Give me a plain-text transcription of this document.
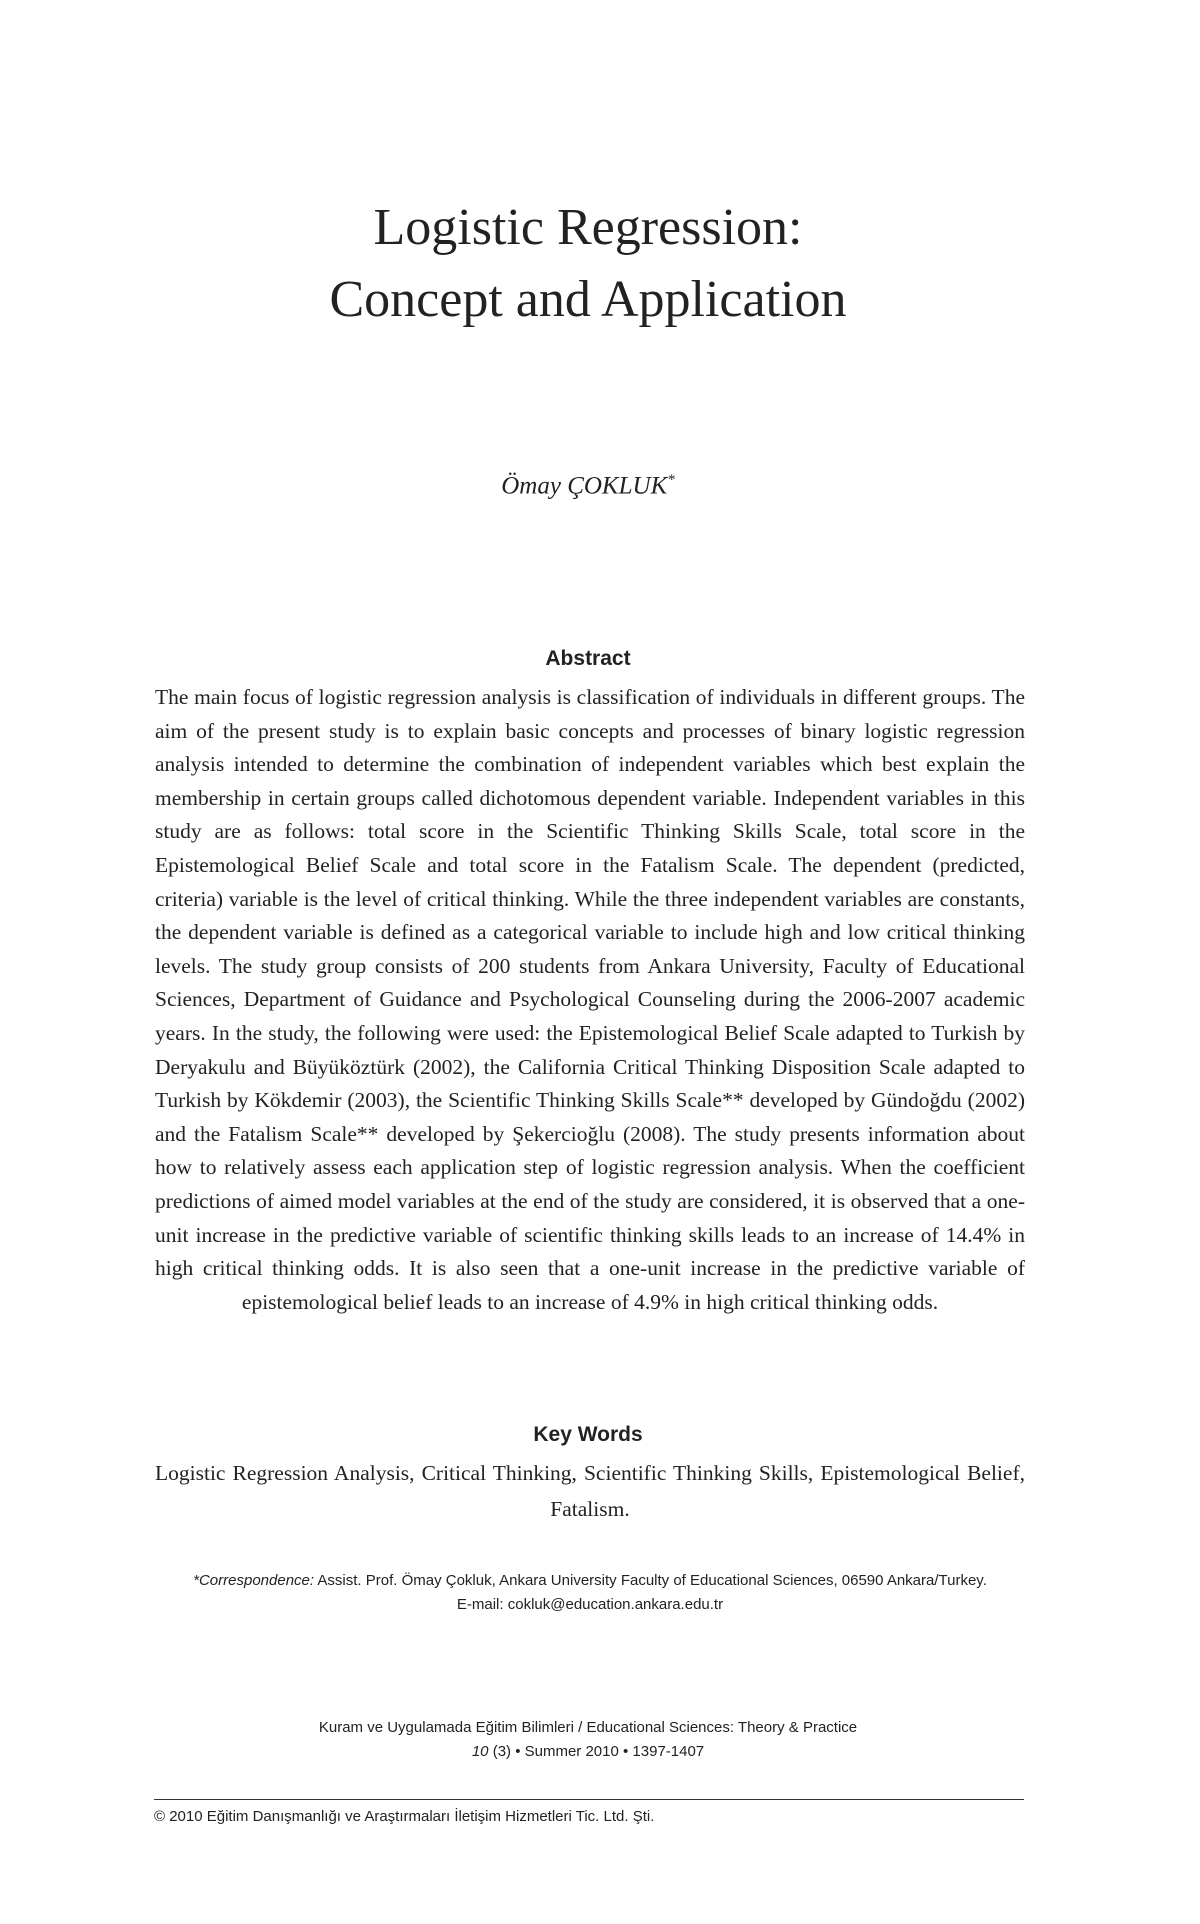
Logistic Regression:
Concept and Application
Ömay ÇOKLUK*
Abstract

The main focus of logistic regression analysis is classification of individuals in different groups. The aim of the present study is to explain basic concepts and processes of binary logistic regression analysis intended to determine the combination of independent variables which best explain the membership in certain groups called dichotomous dependent variable. Independent variables in this study are as follows: total score in the Scientific Thinking Skills Scale, total score in the Epistemological Belief Scale and total score in the Fatalism Scale. The dependent (predicted, criteria) variable is the level of critical thinking. While the three independent variables are constants, the dependent variable is defined as a categorical variable to include high and low critical thinking levels. The study group consists of 200 students from Ankara University, Faculty of Educational Sciences, Department of Guidance and Psychological Counseling during the 2006-2007 academic years. In the study, the following were used: the Epistemological Belief Scale adapted to Turkish by Deryakulu and Büyüköztürk (2002), the California Critical Thinking Disposition Scale adapted to Turkish by Kökdemir (2003), the Scientific Thinking Skills Scale** developed by Gündoğdu (2002) and the Fatalism Scale** developed by Şekercioğlu (2008). The study presents information about how to relatively assess each application step of logistic regression analysis. When the coefficient predictions of aimed model variables at the end of the study are considered, it is observed that a one-unit increase in the predictive variable of scientific thinking skills leads to an increase of 14.4% in high critical thinking odds. It is also seen that a one-unit increase in the predictive variable of epistemological belief leads to an increase of 4.9% in high critical thinking odds.

Key Words

Logistic Regression Analysis, Critical Thinking, Scientific Thinking Skills, Epistemological Belief, Fatalism.

*Correspondence: Assist. Prof. Ömay Çokluk, Ankara University Faculty of Educational Sciences, 06590 Ankara/Turkey.
E-mail: cokluk@education.ankara.edu.tr
Kuram ve Uygulamada Eğitim Bilimleri / Educational Sciences: Theory & Practice
10 (3) • Summer 2010 • 1397-1407
© 2010 Eğitim Danışmanlığı ve Araştırmaları İletişim Hizmetleri Tic. Ltd. Şti.
